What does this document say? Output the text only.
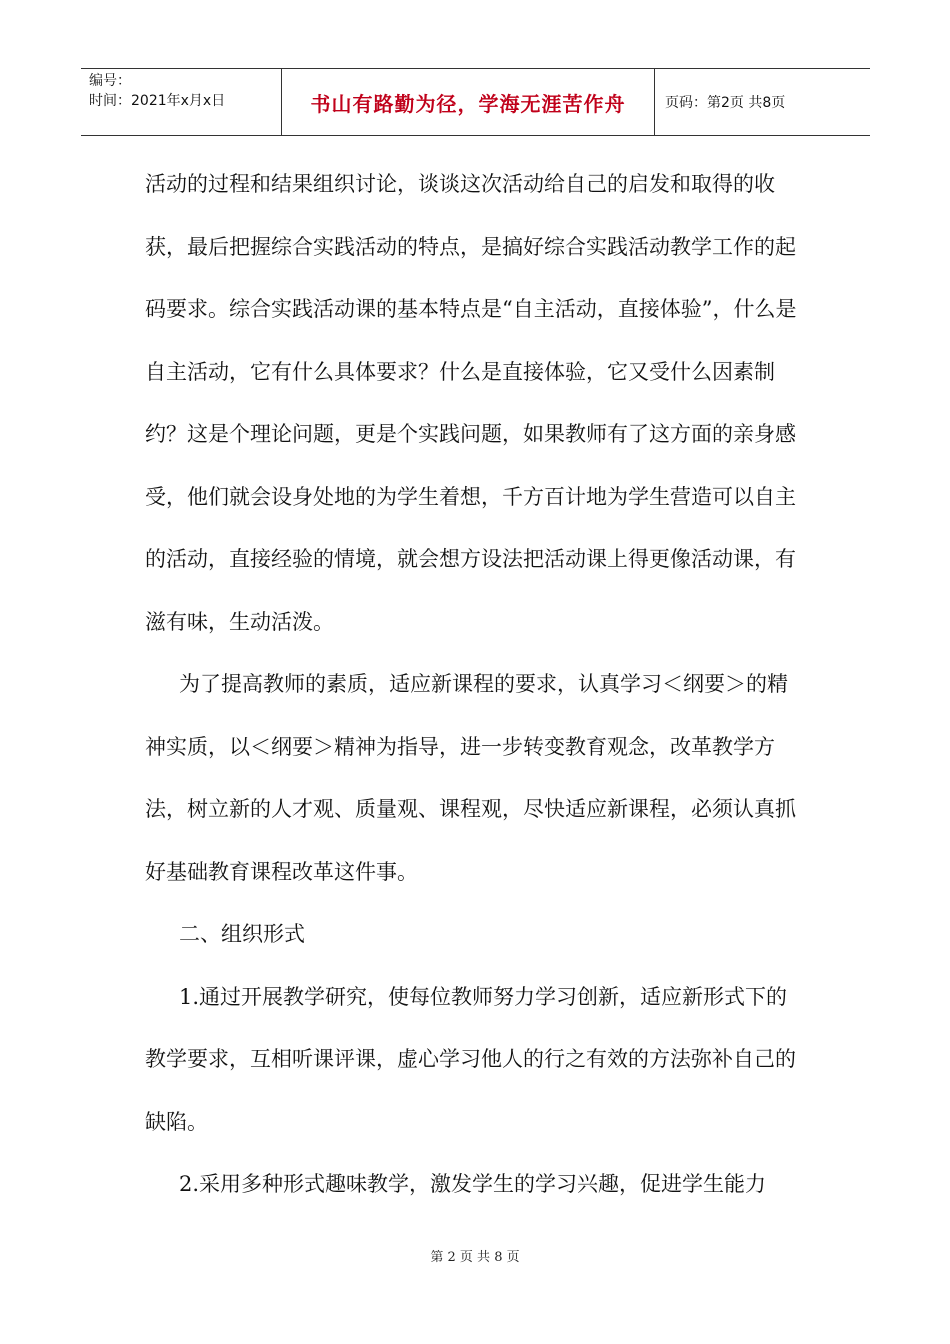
编号：
时间：2021年x月x日	书山有路勤为径，学海无涯苦作舟	页码：第2页 共8页

活动的过程和结果组织讨论，谈谈这次活动给自己的启发和取得的收获，最后把握综合实践活动的特点，是搞好综合实践活动教学工作的起码要求。综合实践活动课的基本特点是“自主活动，直接体验”，什么是自主活动，它有什么具体要求？什么是直接体验，它又受什么因素制约？这是个理论问题，更是个实践问题，如果教师有了这方面的亲身感受，他们就会设身处地的为学生着想，千方百计地为学生营造可以自主的活动，直接经验的情境，就会想方设法把活动课上得更像活动课，有滋有味，生动活泼。

为了提高教师的素质，适应新课程的要求，认真学习＜纲要＞的精神实质，以＜纲要＞精神为指导，进一步转变教育观念，改革教学方法，树立新的人才观、质量观、课程观，尽快适应新课程，必须认真抓好基础教育课程改革这件事。

二、组织形式

1.通过开展教学研究，使每位教师努力学习创新，适应新形式下的教学要求，互相听课评课，虚心学习他人的行之有效的方法弥补自己的缺陷。

2.采用多种形式趣味教学，激发学生的学习兴趣，促进学生能力

第 2 页 共 8 页
